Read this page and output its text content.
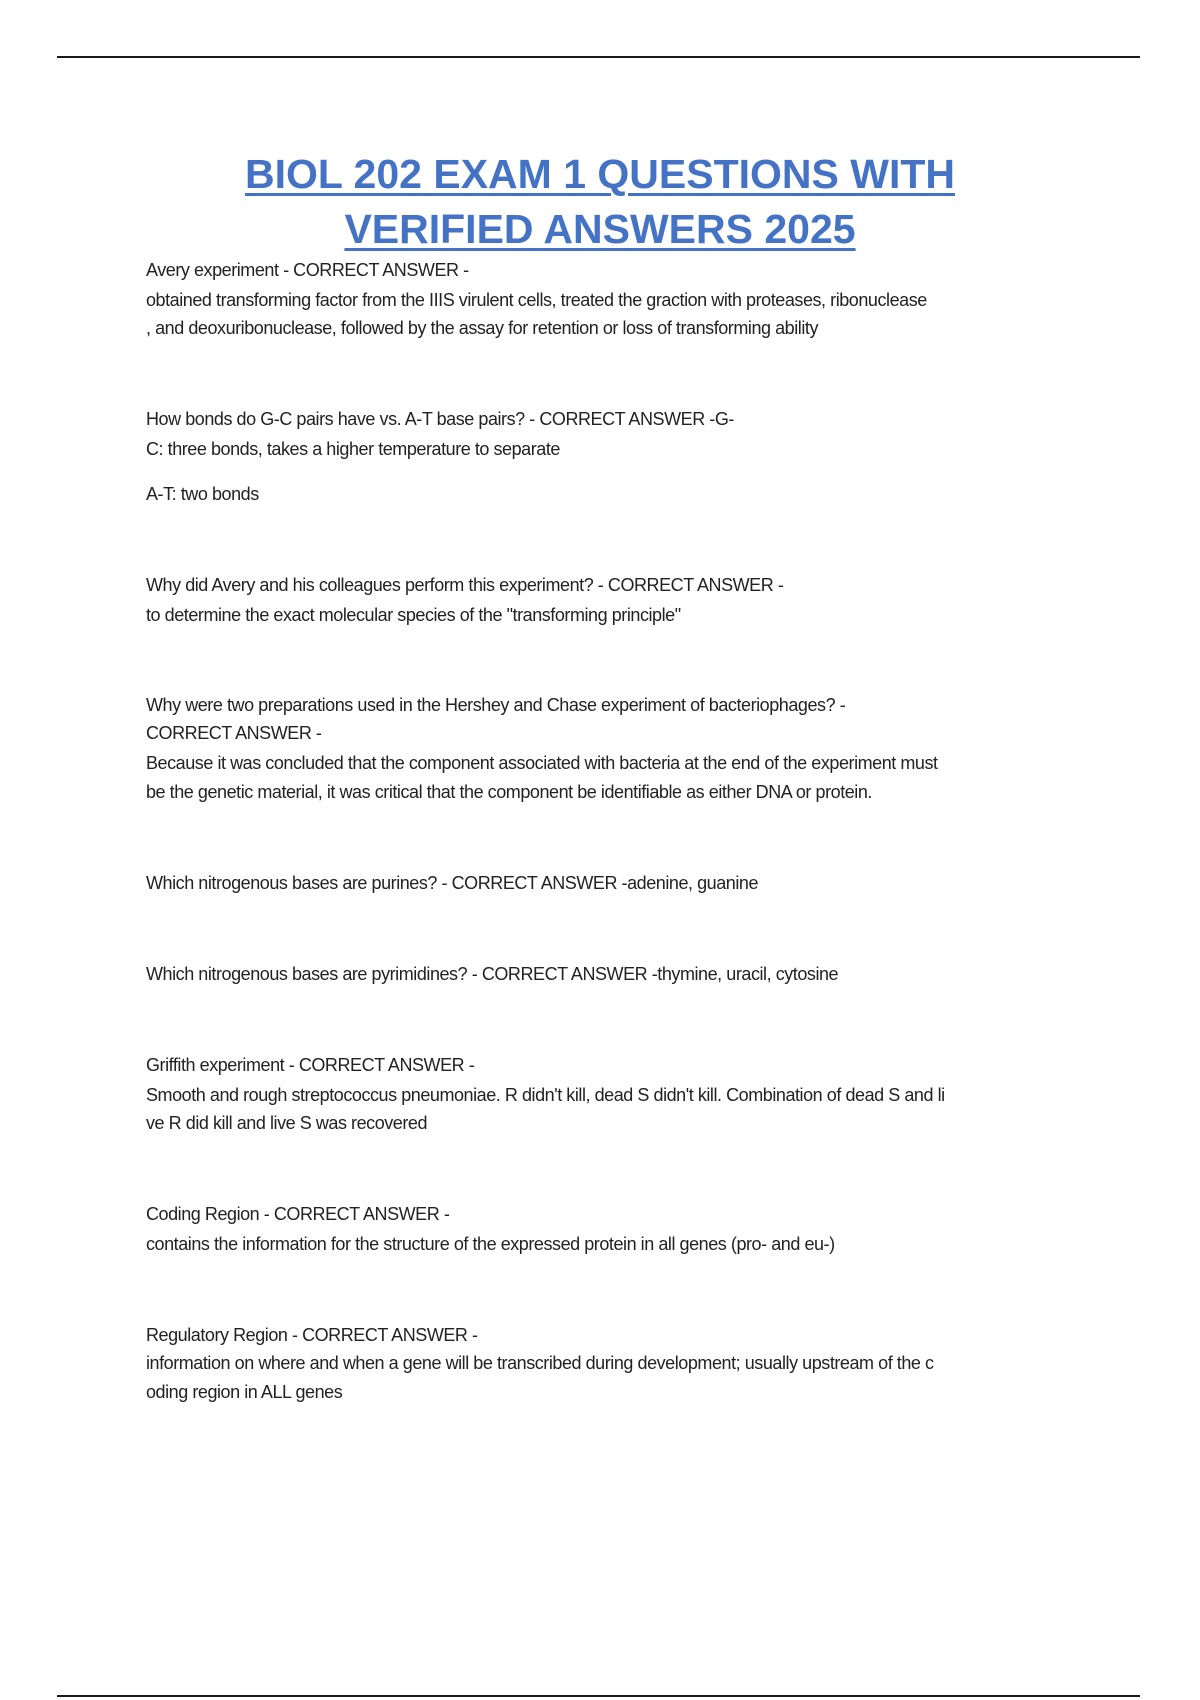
BIOL 202 EXAM 1 QUESTIONS WITH
VERIFIED ANSWERS 2025
Avery experiment - CORRECT ANSWER -
obtained transforming factor from the IIIS virulent cells, treated the graction with proteases, ribonuclease
, and deoxuribonuclease, followed by the assay for retention or loss of transforming ability
How bonds do G-C pairs have vs. A-T base pairs? - CORRECT ANSWER -G-
C: three bonds, takes a higher temperature to separate
A-T: two bonds
Why did Avery and his colleagues perform this experiment? - CORRECT ANSWER -
to determine the exact molecular species of the "transforming principle"
Why were two preparations used in the Hershey and Chase experiment of bacteriophages? -
CORRECT ANSWER -
Because it was concluded that the component associated with bacteria at the end of the experiment must
be the genetic material, it was critical that the component be identifiable as either DNA or protein.
Which nitrogenous bases are purines? - CORRECT ANSWER -adenine, guanine
Which nitrogenous bases are pyrimidines? - CORRECT ANSWER -thymine, uracil, cytosine
Griffith experiment - CORRECT ANSWER -
Smooth and rough streptococcus pneumoniae. R didn't kill, dead S didn't kill. Combination of dead S and li
ve R did kill and live S was recovered
Coding Region - CORRECT ANSWER -
contains the information for the structure of the expressed protein in all genes (pro- and eu-)
Regulatory Region - CORRECT ANSWER -
information on where and when a gene will be transcribed during development; usually upstream of the c
oding region in ALL genes
